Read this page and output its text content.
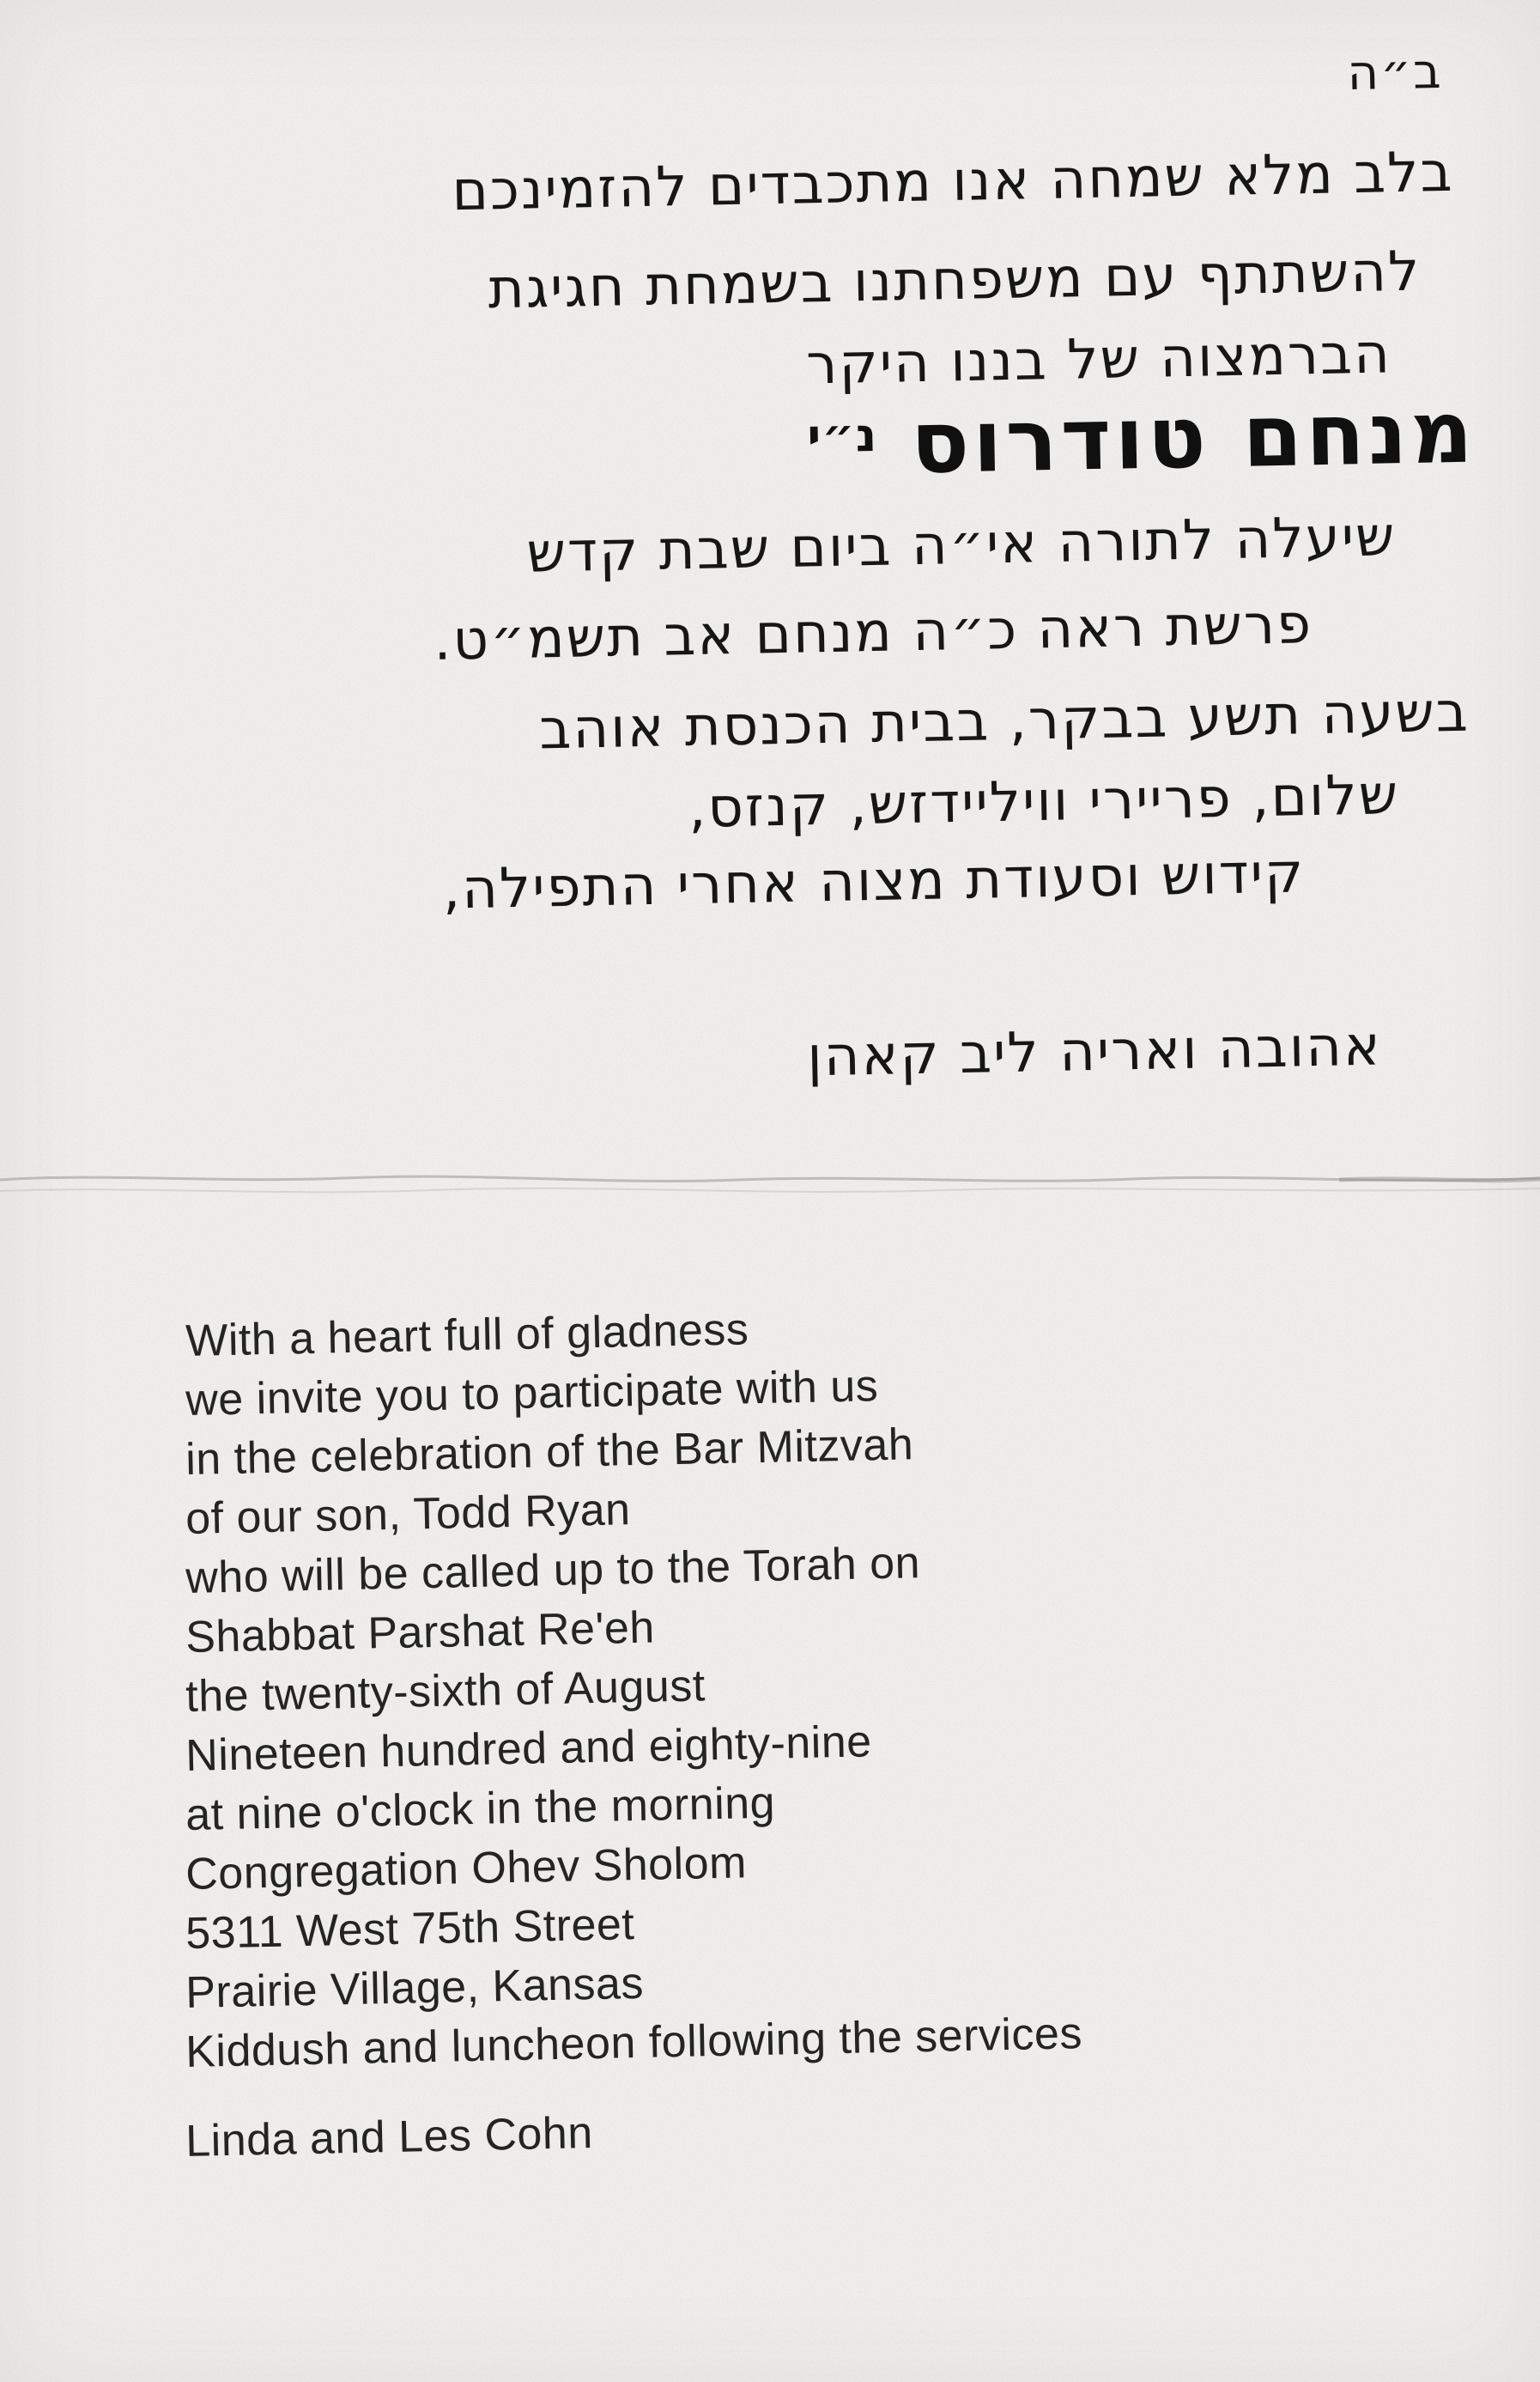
ב״ה
בלב מלא שמחה אנו מתכבדים להזמינכם
להשתתף עם משפחתנו בשמחת חגיגת
הברמצוה של בננו היקר
מנחם טודרוס $^{נ״י}$
שיעלה לתורה אי״ה ביום שבת קדש
פרשת ראה כ״ה מנחם אב תשמ״ט.
בשעה תשע בבקר, בבית הכנסת אוהב
שלום, פריירי וויליידזש, קנזס,
קידוש וסעודת מצוה אחרי התפילה,
אהובה ואריה ליב קאהן
With a heart full of gladness
we invite you to participate with us
in the celebration of the Bar Mitzvah
of our son, Todd Ryan
who will be called up to the Torah on
Shabbat Parshat Re'eh
the twenty-sixth of August
Nineteen hundred and eighty-nine
at nine o'clock in the morning
Congregation Ohev Sholom
5311 West 75th Street
Prairie Village, Kansas
Kiddush and luncheon following the services
Linda and Les Cohn
